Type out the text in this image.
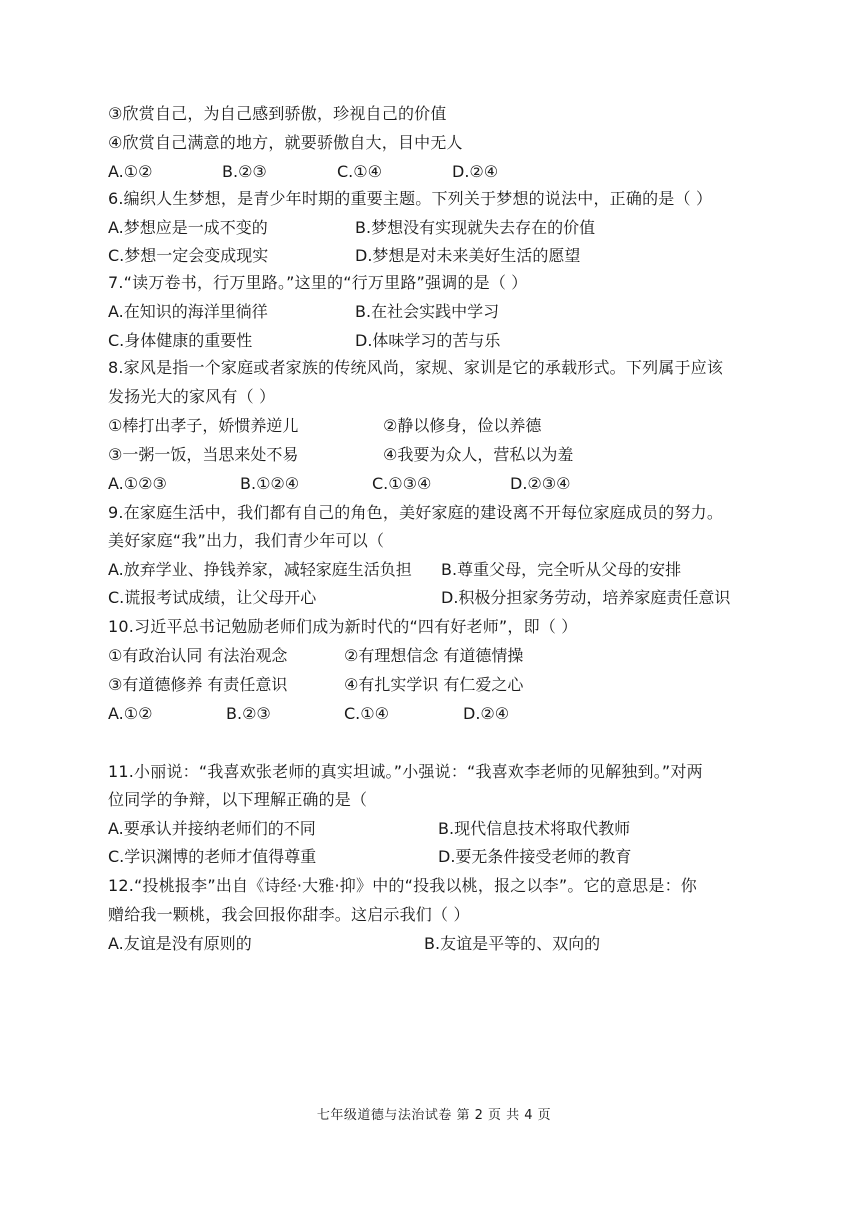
③欣赏自己，为自己感到骄傲，珍视自己的价值
④欣赏自己满意的地方，就要骄傲自大，目中无人
A.①②	B.②③	C.①④	D.②④
6.编织人生梦想，是青少年时期的重要主题。下列关于梦想的说法中，正确的是（ ）
A.梦想应是一成不变的	B.梦想没有实现就失去存在的价值
C.梦想一定会变成现实	D.梦想是对未来美好生活的愿望
7.“读万卷书，行万里路。”这里的“行万里路”强调的是（ ）
A.在知识的海洋里徜徉	B.在社会实践中学习
C.身体健康的重要性	D.体味学习的苦与乐
8.家风是指一个家庭或者家族的传统风尚，家规、家训是它的承载形式。下列属于应该
发扬光大的家风有（ ）
①棒打出孝子，娇惯养逆儿	②静以修身，俭以养德
③一粥一饭，当思来处不易	④我要为众人，营私以为羞
A.①②③	B.①②④	C.①③④	D.②③④
9.在家庭生活中，我们都有自己的角色，美好家庭的建设离不开每位家庭成员的努力。
美好家庭“我”出力，我们青少年可以（
A.放弃学业、挣钱养家，减轻家庭生活负担 B.尊重父母，完全听从父母的安排
C.谎报考试成绩，让父母开心	D.积极分担家务劳动，培养家庭责任意识
10.习近平总书记勉励老师们成为新时代的“四有好老师”，即（ ）
①有政治认同 有法治观念	②有理想信念 有道德情操
③有道德修养 有责任意识	④有扎实学识 有仁爱之心
A.①②	B.②③	C.①④	D.②④
11.小丽说：“我喜欢张老师的真实坦诚。”小强说：“我喜欢李老师的见解独到。”对两
位同学的争辩，以下理解正确的是（
A.要承认并接纳老师们的不同	B.现代信息技术将取代教师
C.学识渊博的老师才值得尊重	D.要无条件接受老师的教育
12.“投桃报李”出自《诗经·大雅·抑》中的“投我以桃，报之以李”。它的意思是：你
赠给我一颗桃，我会回报你甜李。这启示我们（ ）
A.友谊是没有原则的	B.友谊是平等的、双向的
七年级道德与法治试卷 第 2 页 共 4 页
